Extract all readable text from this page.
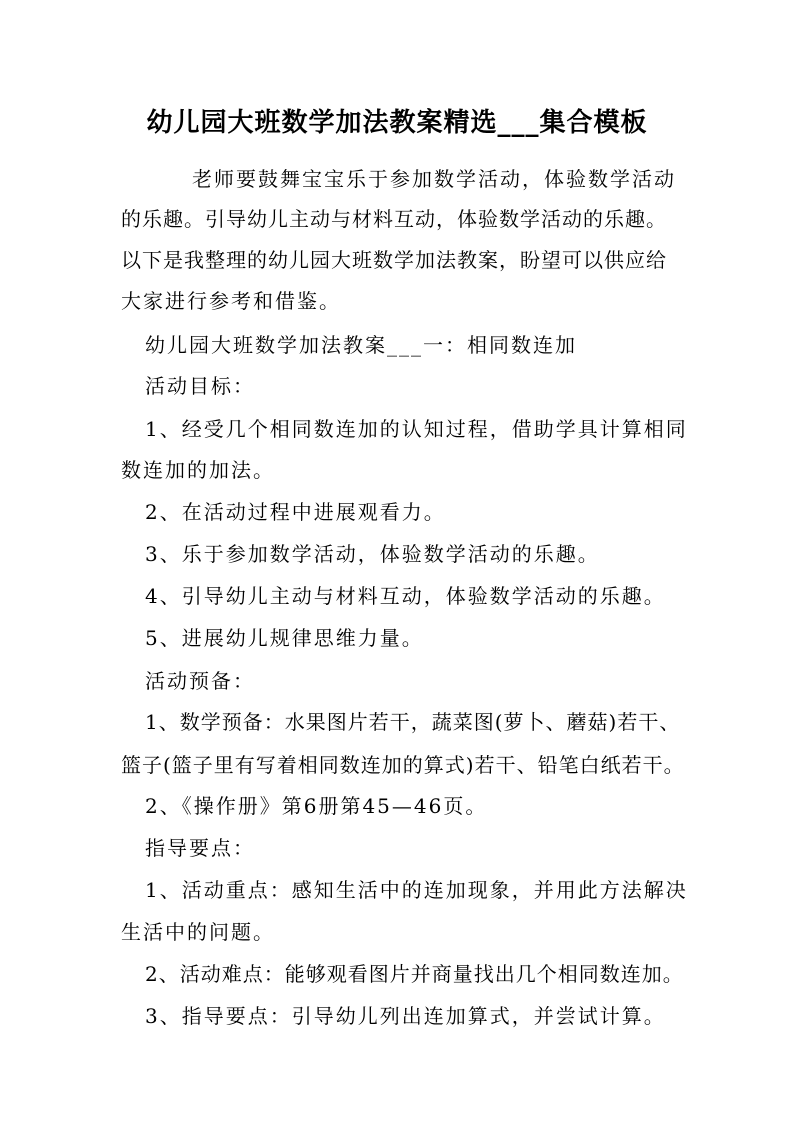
幼儿园大班数学加法教案精选___集合模板
老师要鼓舞宝宝乐于参加数学活动，体验数学活动
的乐趣。引导幼儿主动与材料互动，体验数学活动的乐趣。
以下是我整理的幼儿园大班数学加法教案，盼望可以供应给
大家进行参考和借鉴。
幼儿园大班数学加法教案___一：相同数连加
活动目标：
1、经受几个相同数连加的认知过程，借助学具计算相同
数连加的加法。
2、在活动过程中进展观看力。
3、乐于参加数学活动，体验数学活动的乐趣。
4、引导幼儿主动与材料互动，体验数学活动的乐趣。
5、进展幼儿规律思维力量。
活动预备：
1、数学预备：水果图片若干，蔬菜图(萝卜、蘑菇)若干、
篮子(篮子里有写着相同数连加的算式)若干、铅笔白纸若干。
2、《操作册》第6册第45—46页。
指导要点：
1、活动重点：感知生活中的连加现象，并用此方法解决
生活中的问题。
2、活动难点：能够观看图片并商量找出几个相同数连加。
3、指导要点：引导幼儿列出连加算式，并尝试计算。
